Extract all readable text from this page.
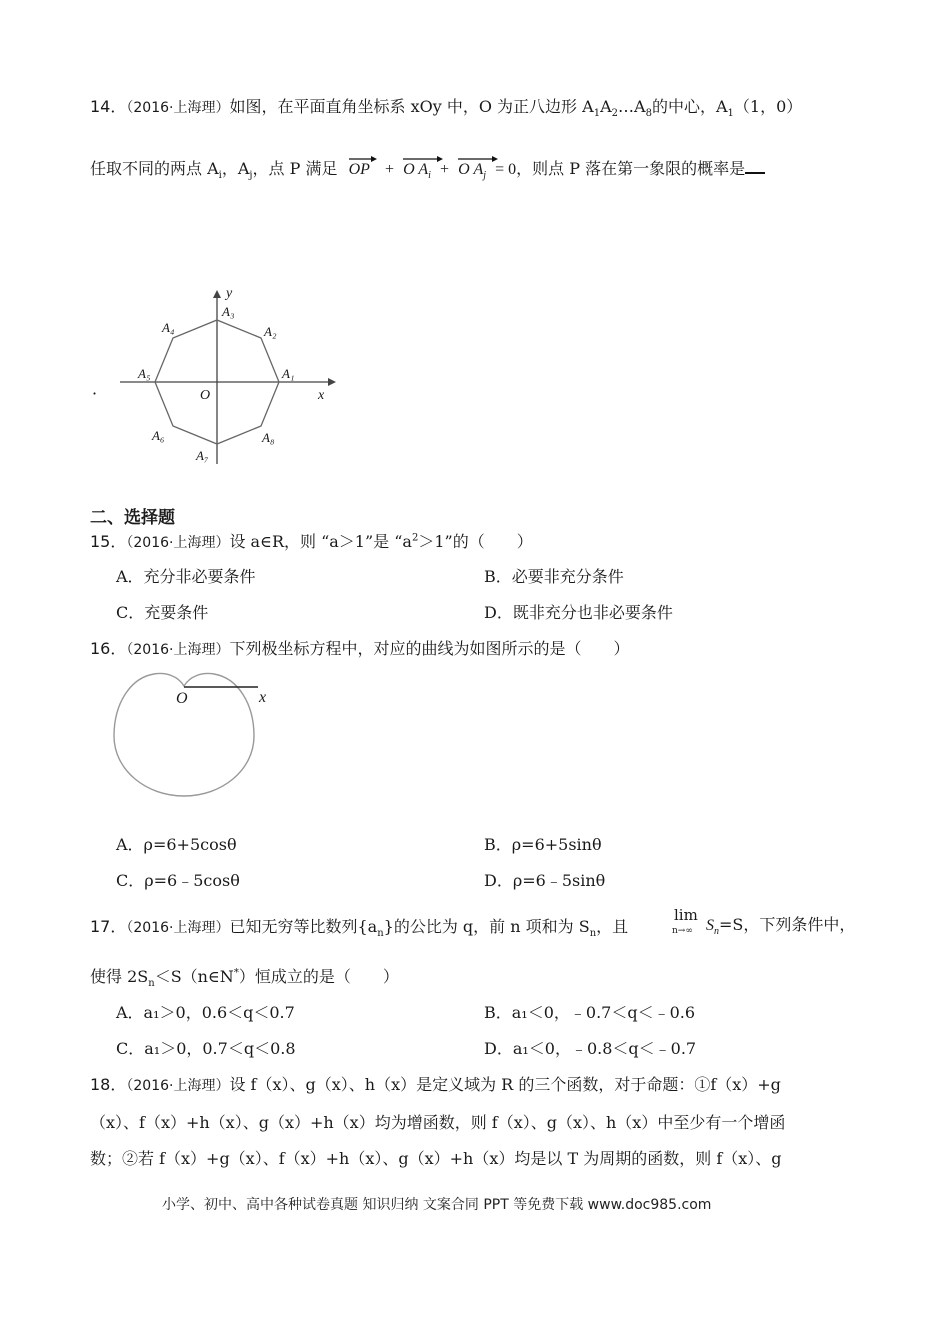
14．（2016·上海理）如图，在平面直角坐标系 xOy 中，O 为正八边形 $A_1A_2\dots A_8$的中心，$A_1(1$，0）
任取不同的两点 $A_i$，$A_j$，点 P 满足 OP + O $A_i + O$ $A_j = 0$，则点 P 落在第一象限的概率是
·
y
x
O
A₁
A₂
A₃
A₄
A₅
A₆
A₇
A₈
二、选择题
15．（2016·上海理）设 a∈R，则 “a＞1”是 “$a^2>1$”的（　　）
A．充分非必要条件	B．必要非充分条件
C．充要条件	D．既非充分也非必要条件
16．（2016·上海理）下列极坐标方程中，对应的曲线为如图所示的是（　　）
O	x
A．ρ=6+5cosθ	B．ρ=6+5sinθ
C．ρ=6﹣5cosθ	D．ρ=6﹣5sinθ
17．（2016·上海理）已知无穷等比数列$\{a_n\}$的公比为 q，前 n 项和为 $S_n$，且
lim
n→∞ $S_n=S$，下列条件中，
使得 $2S_n<S(n\in N^*)$恒成立的是（　　）
A．a₁＞0，0.6＜q＜0.7	B．a₁＜0，﹣0.7＜q＜﹣0.6
C．a₁＞0，0.7＜q＜0.8	D．a₁＜0，﹣0.8＜q＜﹣0.7
18．（2016·上海理）设 f（x）、g（x）、h（x）是定义域为 R 的三个函数，对于命题：①f（x）+g
（x）、f（x）+h（x）、g（x）+h（x）均为增函数，则 f（x）、g（x）、h（x）中至少有一个增函
数；②若 f（x）+g（x）、f（x）+h（x）、g（x）+h（x）均是以 T 为周期的函数，则 f（x）、g
小学、初中、高中各种试卷真题 知识归纳 文案合同 PPT 等免费下载 www.doc985.com
